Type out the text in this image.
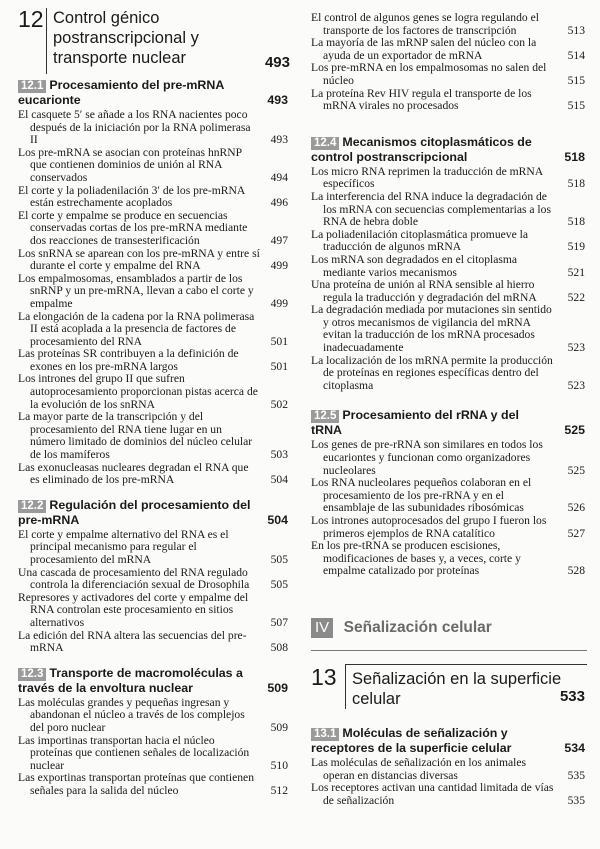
12 Control génico
postranscripcional y
transporte nuclear	493
12.1 Procesamiento del pre-mRNA eucarionte	493
El casquete 5′ se añade a los RNA nacientes poco después de la iniciación por la RNA polimerasa II	493
Los pre-mRNA se asocian con proteínas hnRNP que contienen dominios de unión al RNA conservados	494
El corte y la poliadenilación 3′ de los pre-mRNA están estrechamente acoplados	496
El corte y empalme se produce en secuencias conservadas cortas de los pre-mRNA mediante dos reacciones de transesterificación	497
Los snRNA se aparean con los pre-mRNA y entre sí durante el corte y empalme del RNA	499
Los empalmosomas, ensamblados a partir de los snRNP y un pre-mRNA, llevan a cabo el corte y empalme	499
La elongación de la cadena por la RNA polimerasa II está acoplada a la presencia de factores de procesamiento del RNA	501
Las proteínas SR contribuyen a la definición de exones en los pre-mRNA largos	501
Los intrones del grupo II que sufren autoprocesamiento proporcionan pistas acerca de la evolución de los snRNA	502
La mayor parte de la transcripción y del procesamiento del RNA tiene lugar en un número limitado de dominios del núcleo celular de los mamíferos	503
Las exonucleasas nucleares degradan el RNA que es eliminado de los pre-mRNA	504
12.2 Regulación del procesamiento del pre-mRNA	504
El corte y empalme alternativo del RNA es el principal mecanismo para regular el procesamiento del mRNA	505
Una cascada de procesamiento del RNA regulado controla la diferenciación sexual de Drosophila 505
Represores y activadores del corte y empalme del RNA controlan este procesamiento en sitios alternativos	507
La edición del RNA altera las secuencias del pre-mRNA	508
12.3 Transporte de macromoléculas a través de la envoltura nuclear	509
Las moléculas grandes y pequeñas ingresan y abandonan el núcleo a través de los complejos del poro nuclear	509
Las importinas transportan hacia el núcleo proteínas que contienen señales de localización nuclear	510
Las exportinas transportan proteínas que contienen señales para la salida del núcleo	512
El control de algunos genes se logra regulando el transporte de los factores de transcripción	513
La mayoría de las mRNP salen del núcleo con la ayuda de un exportador de mRNA	514
Los pre-mRNA en los empalmosomas no salen del núcleo	515
La proteína Rev HIV regula el transporte de los mRNA virales no procesados	515
12.4 Mecanismos citoplasmáticos de control postranscripcional	518
Los micro RNA reprimen la traducción de mRNA específicos	518
La interferencia del RNA induce la degradación de los mRNA con secuencias complementarias a los RNA de hebra doble	518
La poliadenilación citoplasmática promueve la traducción de algunos mRNA	519
Los mRNA son degradados en el citoplasma mediante varios mecanismos	521
Una proteína de unión al RNA sensible al hierro regula la traducción y degradación del mRNA	522
La degradación mediada por mutaciones sin sentido y otros mecanismos de vigilancia del mRNA evitan la traducción de los mRNA procesados inadecuadamente	523
La localización de los mRNA permite la producción de proteínas en regiones específicas dentro del citoplasma	523
12.5 Procesamiento del rRNA y del tRNA	525
Los genes de pre-rRNA son similares en todos los eucariontes y funcionan como organizadores nucleolares	525
Los RNA nucleolares pequeños colaboran en el procesamiento de los pre-rRNA y en el ensamblaje de las subunidades ribosómicas	526
Los intrones autoprocesados del grupo I fueron los primeros ejemplos de RNA catalítico	527
En los pre-tRNA se producen escisiones, modificaciones de bases y, a veces, corte y empalme catalizado por proteínas	528
IV Señalización celular
13 Señalización en la superficie
celular	533
13.1 Moléculas de señalización y receptores de la superficie celular	534
Las moléculas de señalización en los animales operan en distancias diversas	535
Los receptores activan una cantidad limitada de vías de señalización	535
